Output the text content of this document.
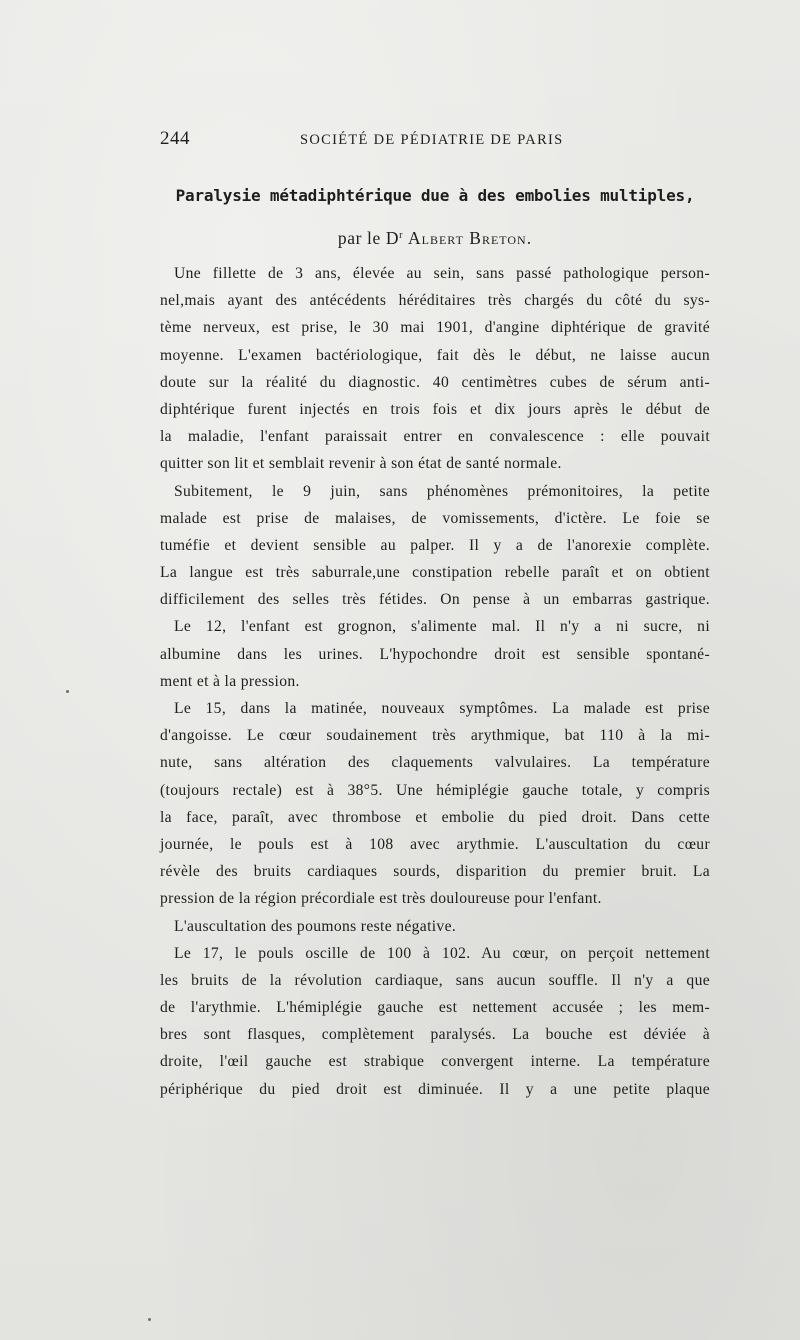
244	SOCIÉTÉ DE PÉDIATRIE DE PARIS
Paralysie métadiphtérique due à des embolies multiples,
par le $D^r$ Albert Breton.
Une fillette de 3 ans, élevée au sein, sans passé pathologique person-
nel,mais ayant des antécédents héréditaires très chargés du côté du sys-
tème nerveux, est prise, le 30 mai 1901, d'angine diphtérique de gravité
moyenne. L'examen bactériologique, fait dès le début, ne laisse aucun
doute sur la réalité du diagnostic. 40 centimètres cubes de sérum anti-
diphtérique furent injectés en trois fois et dix jours après le début de
la maladie, l'enfant paraissait entrer en convalescence : elle pouvait
quitter son lit et semblait revenir à son état de santé normale.
Subitement, le 9 juin, sans phénomènes prémonitoires, la petite
malade est prise de malaises, de vomissements, d'ictère. Le foie se
tuméfie et devient sensible au palper. Il y a de l'anorexie complète.
La langue est très saburrale,une constipation rebelle paraît et on obtient
difficilement des selles très fétides. On pense à un embarras gastrique.
Le 12, l'enfant est grognon, s'alimente mal. Il n'y a ni sucre, ni
albumine dans les urines. L'hypochondre droit est sensible spontané-
ment et à la pression.
Le 15, dans la matinée, nouveaux symptômes. La malade est prise
d'angoisse. Le cœur soudainement très arythmique, bat 110 à la mi-
nute, sans altération des claquements valvulaires. La température
(toujours rectale) est à 38°5. Une hémiplégie gauche totale, y compris
la face, paraît, avec thrombose et embolie du pied droit. Dans cette
journée, le pouls est à 108 avec arythmie. L'auscultation du cœur
révèle des bruits cardiaques sourds, disparition du premier bruit. La
pression de la région précordiale est très douloureuse pour l'enfant.
L'auscultation des poumons reste négative.
Le 17, le pouls oscille de 100 à 102. Au cœur, on perçoit nettement
les bruits de la révolution cardiaque, sans aucun souffle. Il n'y a que
de l'arythmie. L'hémiplégie gauche est nettement accusée ; les mem-
bres sont flasques, complètement paralysés. La bouche est déviée à
droite, l'œil gauche est strabique convergent interne. La température
périphérique du pied droit est diminuée. Il y a une petite plaque
